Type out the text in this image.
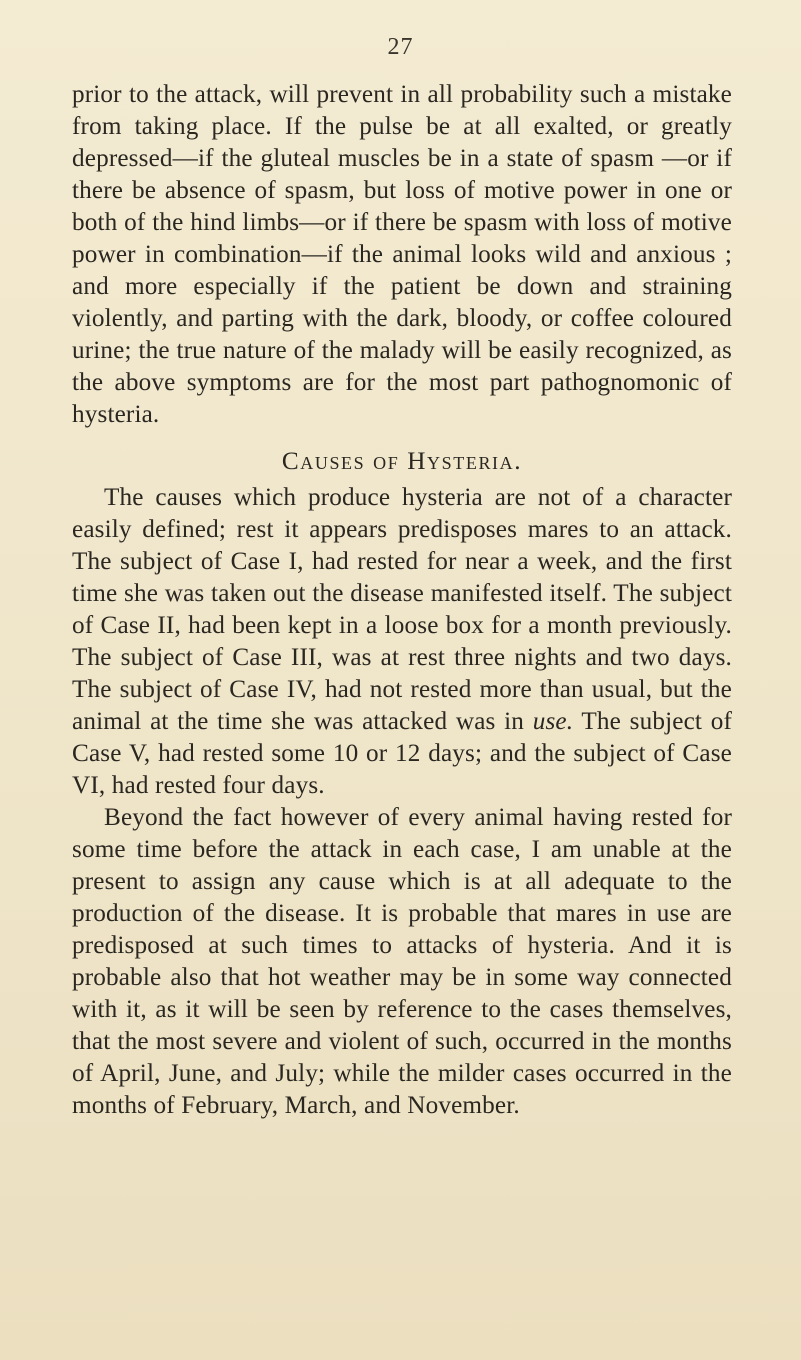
27

prior to the attack, will prevent in all probability such a mistake from taking place. If the pulse be at all exalted, or greatly depressed—if the gluteal muscles be in a state of spasm —or if there be absence of spasm, but loss of motive power in one or both of the hind limbs—or if there be spasm with loss of motive power in combination—if the animal looks wild and anxious ; and more especially if the patient be down and straining violently, and parting with the dark, bloody, or coffee coloured urine; the true nature of the malady will be easily recognized, as the above symptoms are for the most part pathognomonic of hysteria.

Causes of Hysteria.

The causes which produce hysteria are not of a character easily defined; rest it appears predisposes mares to an attack. The subject of Case I, had rested for near a week, and the first time she was taken out the disease manifested itself. The subject of Case II, had been kept in a loose box for a month previously. The subject of Case III, was at rest three nights and two days. The subject of Case IV, had not rested more than usual, but the animal at the time she was attacked was in use. The subject of Case V, had rested some 10 or 12 days; and the subject of Case VI, had rested four days.

Beyond the fact however of every animal having rested for some time before the attack in each case, I am unable at the present to assign any cause which is at all adequate to the production of the disease. It is probable that mares in use are predisposed at such times to attacks of hysteria. And it is probable also that hot weather may be in some way connected with it, as it will be seen by reference to the cases themselves, that the most severe and violent of such, occurred in the months of April, June, and July; while the milder cases occurred in the months of February, March, and November.
